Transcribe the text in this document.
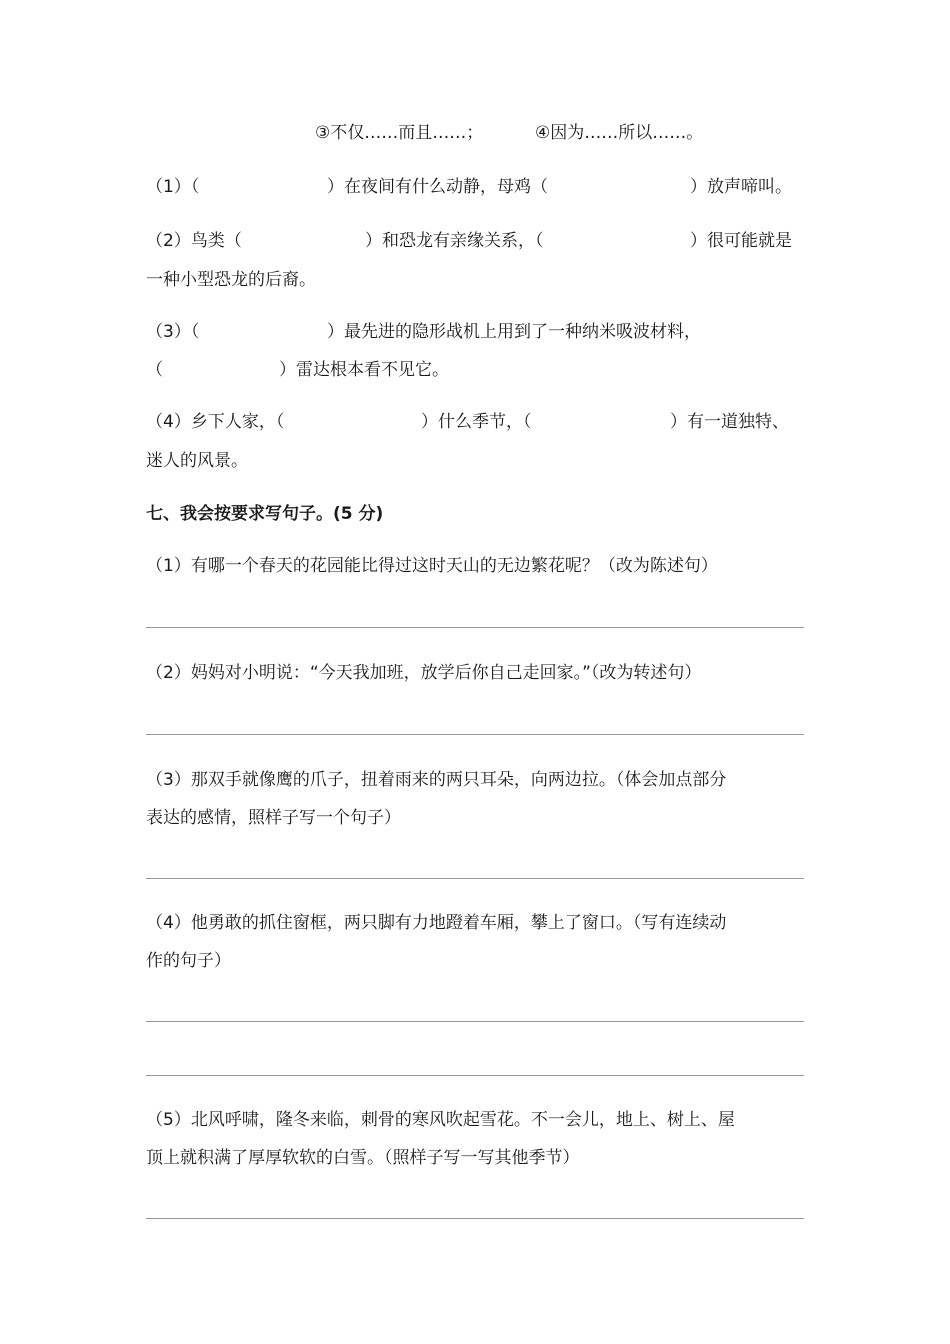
③不仅……而且……；	④因为……所以……。
（1）（	）在夜间有什么动静，母鸡（	）放声啼叫。
（2）鸟类（	）和恐龙有亲缘关系，（	）很可能就是
一种小型恐龙的后裔。
（3）（	）最先进的隐形战机上用到了一种纳米吸波材料，
（	）雷达根本看不见它。
（4）乡下人家，（	）什么季节，（	）有一道独特、
迷人的风景。
七、我会按要求写句子。(5 分)
（1）有哪一个春天的花园能比得过这时天山的无边繁花呢？（改为陈述句）
（2）妈妈对小明说：“今天我加班，放学后你自己走回家。”（改为转述句）
（3）那双手就像鹰的爪子，扭着雨来的两只耳朵，向两边拉。（体会加点部分
表达的感情，照样子写一个句子）
（4）他勇敢的抓住窗框，两只脚有力地蹬着车厢，攀上了窗口。（写有连续动
作的句子）
（5）北风呼啸，隆冬来临，刺骨的寒风吹起雪花。不一会儿，地上、树上、屋
顶上就积满了厚厚软软的白雪。（照样子写一写其他季节）
